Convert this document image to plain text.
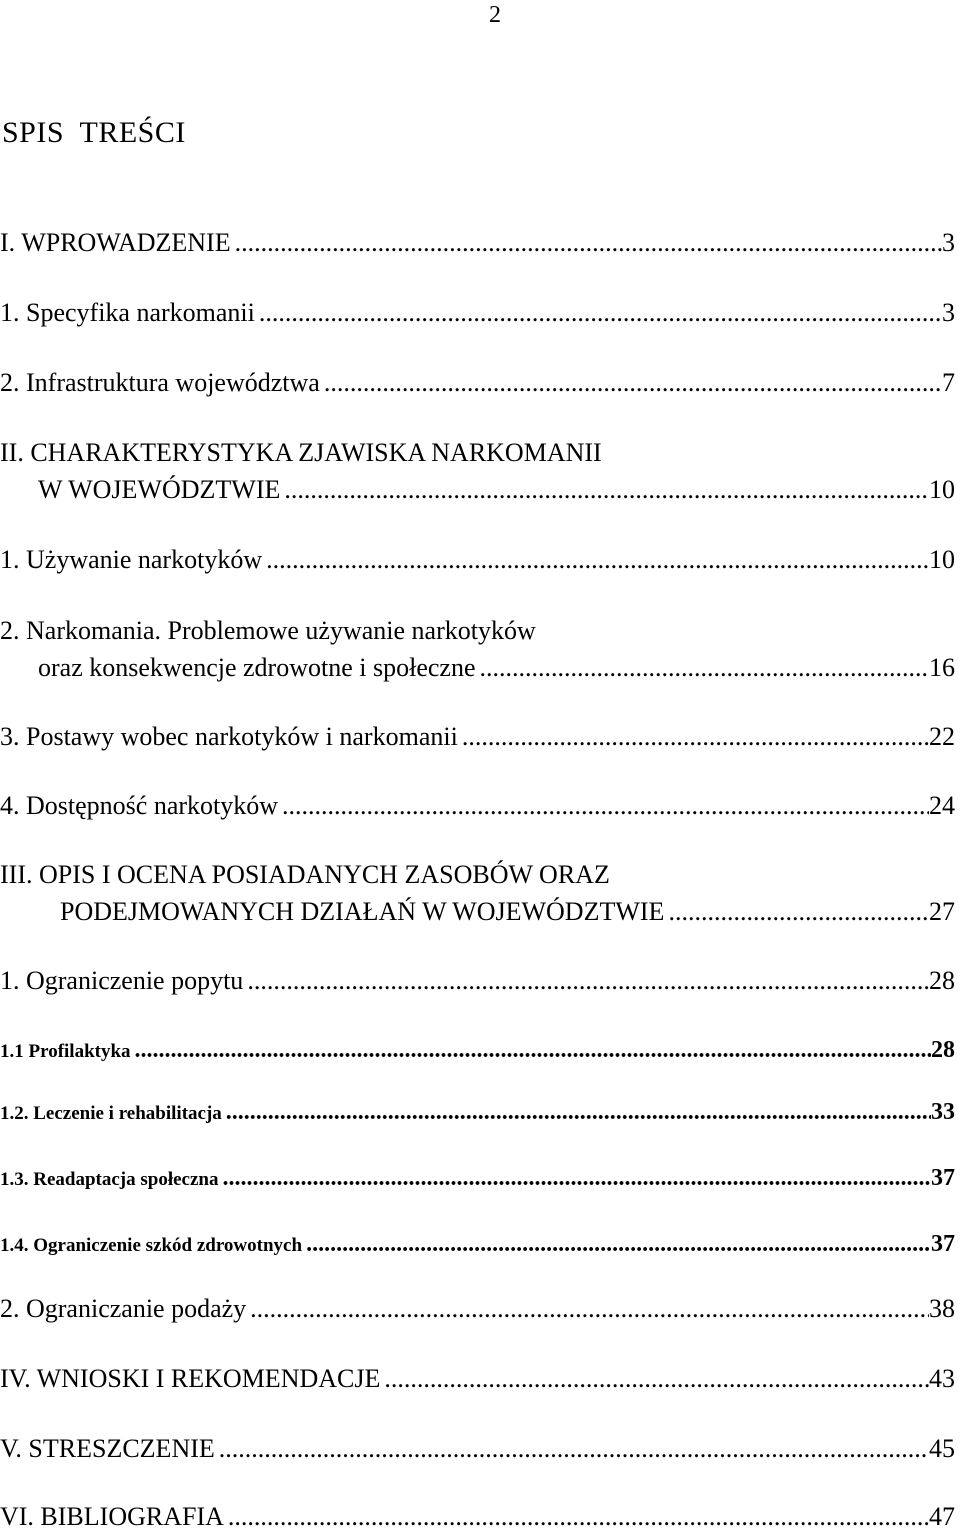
2
SPIS TREŚCI
I. WPROWADZENIE .....	3
1. Specyfika narkomanii .....	3
2. Infrastruktura województwa .....	7
II. CHARAKTERYSTYKA ZJAWISKA NARKOMANII
W WOJEWÓDZTWIE .....	10
1. Używanie narkotyków .....	10
2. Narkomania. Problemowe używanie narkotyków
oraz konsekwencje zdrowotne i społeczne .....	16
3. Postawy wobec narkotyków i narkomanii .....	22
4. Dostępność narkotyków .....	24
III. OPIS I OCENA POSIADANYCH ZASOBÓW ORAZ
PODEJMOWANYCH DZIAŁAŃ W WOJEWÓDZTWIE .....	27
1. Ograniczenie popytu .....	28
1.1 Profilaktyka .....	28
1.2. Leczenie i rehabilitacja .....	33
1.3. Readaptacja społeczna .....	37
1.4. Ograniczenie szkód zdrowotnych .....	37
2. Ograniczanie podaży .....	38
IV. WNIOSKI I REKOMENDACJE .....	43
V. STRESZCZENIE .....	45
VI. BIBLIOGRAFIA .....	47
